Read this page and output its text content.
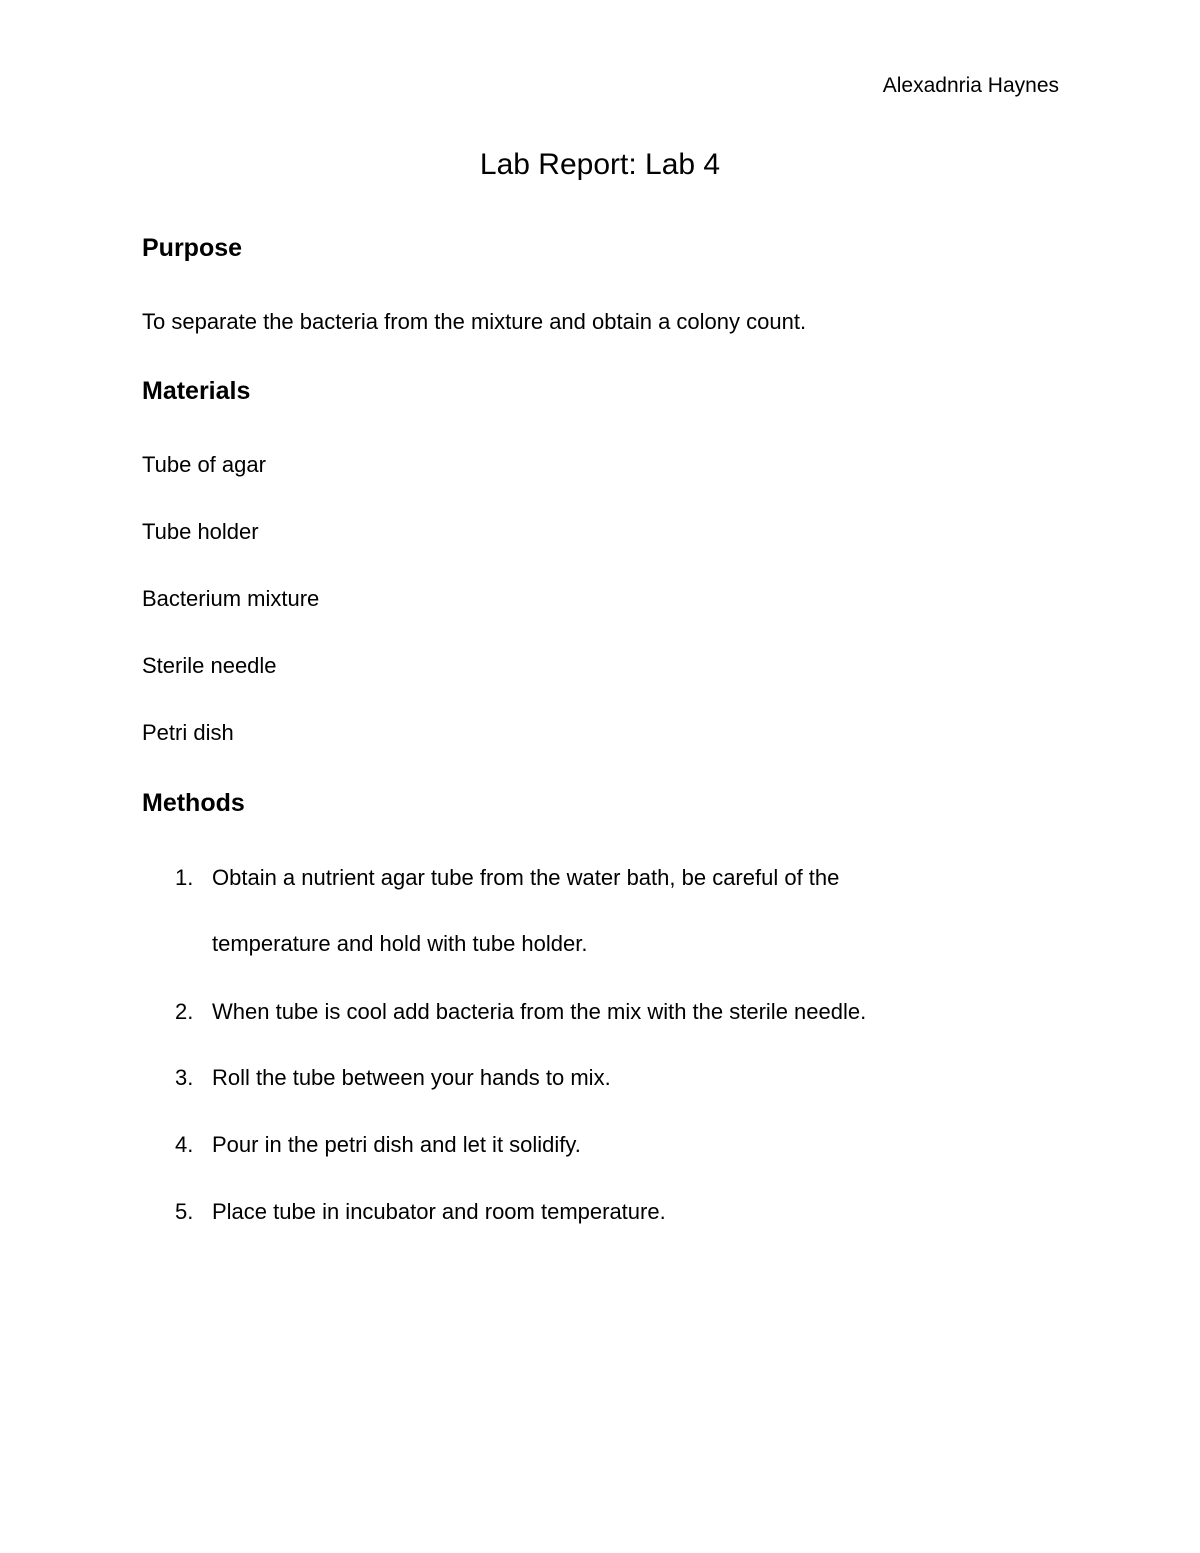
Alexadnria Haynes
Lab Report: Lab 4
Purpose
To separate the bacteria from the mixture and obtain a colony count.
Materials
Tube of agar
Tube holder
Bacterium mixture
Sterile needle
Petri dish
Methods
1. Obtain a nutrient agar tube from the water bath, be careful of the
temperature and hold with tube holder.
2. When tube is cool add bacteria from the mix with the sterile needle.
3. Roll the tube between your hands to mix.
4. Pour in the petri dish and let it solidify.
5. Place tube in incubator and room temperature.
